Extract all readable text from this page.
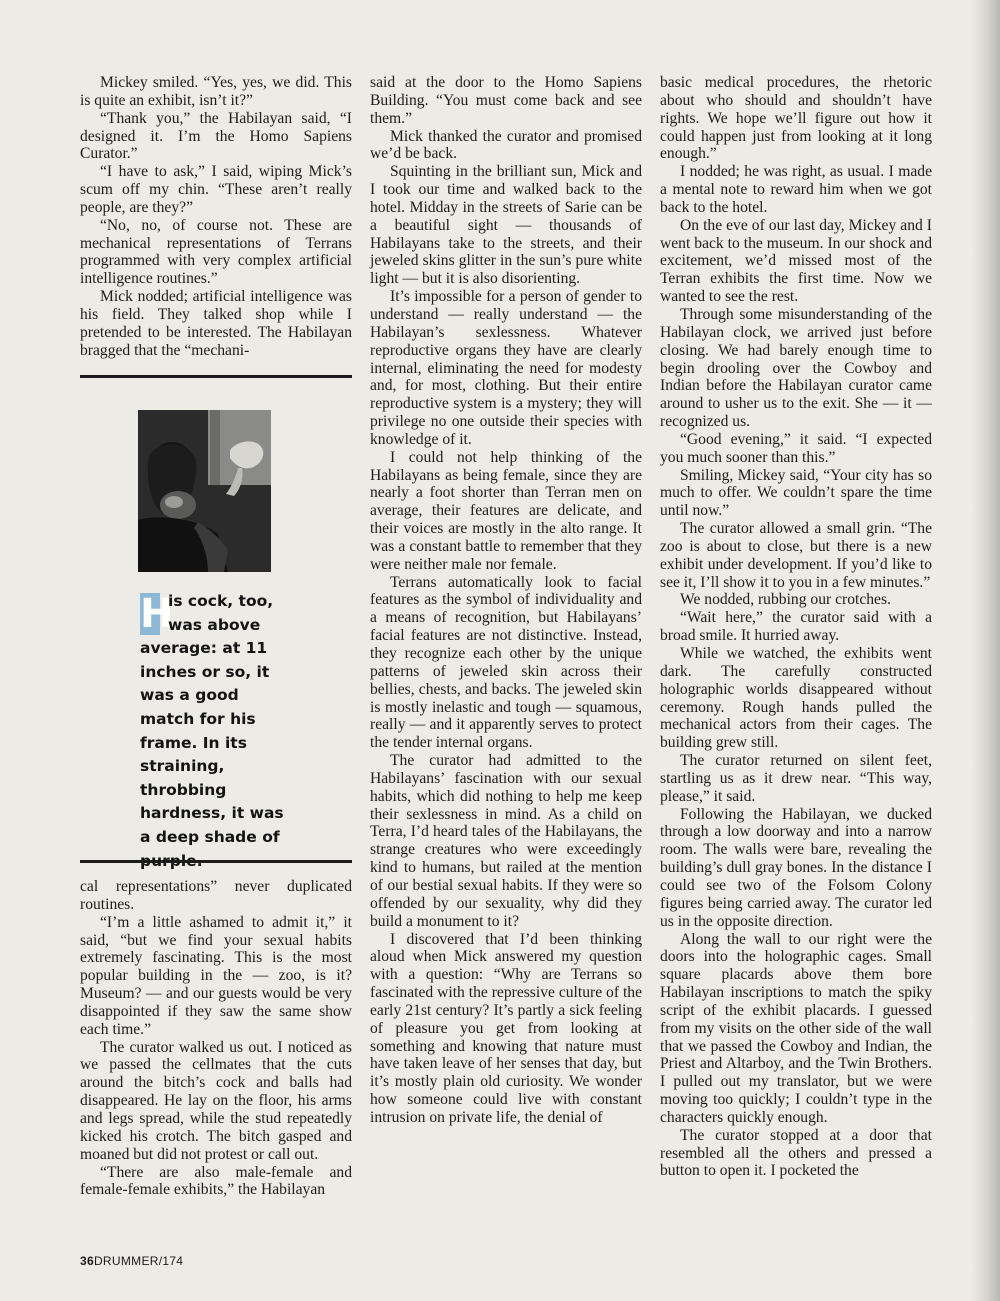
Mickey smiled. “Yes, yes, we did. This is quite an exhibit, isn’t it?”

“Thank you,” the Habilayan said, “I designed it. I’m the Homo Sapiens Curator.”

“I have to ask,” I said, wiping Mick’s scum off my chin. “These aren’t really people, are they?”

“No, no, of course not. These are mechanical representations of Terrans programmed with very complex artificial intelligence routines.”

Mick nodded; artificial intelligence was his field. They talked shop while I pretended to be interested. The Habilayan bragged that the “mechani-

H
is cock, too, was above average: at 11 inches or so, it was a good match for his frame. In its straining, throbbing hardness, it was a deep shade of

cal representations” never duplicated routines.

“I’m a little ashamed to admit it,” it said, “but we find your sexual habits extremely fascinating. This is the most popular building in the — zoo, is it? Museum? — and our guests would be very disappointed if they saw the same show each time.”

The curator walked us out. I noticed as we passed the cellmates that the cuts around the bitch’s cock and balls had disappeared. He lay on the floor, his arms and legs spread, while the stud repeatedly kicked his crotch. The bitch gasped and moaned but did not protest or call out.

“There are also male-female and female-female exhibits,” the Habilayan

said at the door to the Homo Sapiens Building. “You must come back and see them.”

Mick thanked the curator and promised we’d be back.

Squinting in the brilliant sun, Mick and I took our time and walked back to the hotel. Midday in the streets of Sarie can be a beautiful sight — thousands of Habilayans take to the streets, and their jeweled skins glitter in the sun’s pure white light — but it is also disorienting.

It’s impossible for a person of gender to understand — really understand — the Habilayan’s sexlessness. Whatever reproductive organs they have are clearly internal, eliminating the need for modesty and, for most, clothing. But their entire reproductive system is a mystery; they will privilege no one outside their species with knowledge of it.

I could not help thinking of the Habilayans as being female, since they are nearly a foot shorter than Terran men on average, their features are delicate, and their voices are mostly in the alto range. It was a constant battle to remember that they were neither male nor female.

Terrans automatically look to facial features as the symbol of individuality and a means of recognition, but Habilayans’ facial features are not distinctive. Instead, they recognize each other by the unique patterns of jeweled skin across their bellies, chests, and backs. The jeweled skin is mostly inelastic and tough — squamous, really — and it apparently serves to protect the tender internal organs.

The curator had admitted to the Habilayans’ fascination with our sexual habits, which did nothing to help me keep their sexlessness in mind. As a child on Terra, I’d heard tales of the Habilayans, the strange creatures who were exceedingly kind to humans, but railed at the mention of our bestial sexual habits. If they were so offended by our sexuality, why did they build a monument to it?

I discovered that I’d been thinking aloud when Mick answered my question with a question: “Why are Terrans so fascinated with the repressive culture of the early 21st century? It’s partly a sick feeling of pleasure you get from looking at something and knowing that nature must have taken leave of her senses that day, but it’s mostly plain old curiosity. We wonder how someone could live with constant intrusion on private life, the denial of

basic medical procedures, the rhetoric about who should and shouldn’t have rights. We hope we’ll figure out how it could happen just from looking at it long enough.”

I nodded; he was right, as usual. I made a mental note to reward him when we got back to the hotel.

On the eve of our last day, Mickey and I went back to the museum. In our shock and excitement, we’d missed most of the Terran exhibits the first time. Now we wanted to see the rest.

Through some misunderstanding of the Habilayan clock, we arrived just before closing. We had barely enough time to begin drooling over the Cowboy and Indian before the Habilayan curator came around to usher us to the exit. She — it — recognized us.

“Good evening,” it said. “I expected you much sooner than this.”

Smiling, Mickey said, “Your city has so much to offer. We couldn’t spare the time until now.”

The curator allowed a small grin. “The zoo is about to close, but there is a new exhibit under development. If you’d like to see it, I’ll show it to you in a few minutes.”

We nodded, rubbing our crotches.

“Wait here,” the curator said with a broad smile. It hurried away.

While we watched, the exhibits went dark. The carefully constructed holographic worlds disappeared without ceremony. Rough hands pulled the mechanical actors from their cages. The building grew still.

The curator returned on silent feet, startling us as it drew near. “This way, please,” it said.

Following the Habilayan, we ducked through a low doorway and into a narrow room. The walls were bare, revealing the building’s dull gray bones. In the distance I could see two of the Folsom Colony figures being carried away. The curator led us in the opposite direction.

Along the wall to our right were the doors into the holographic cages. Small square placards above them bore Habilayan inscriptions to match the spiky script of the exhibit placards. I guessed from my visits on the other side of the wall that we passed the Cowboy and Indian, the Priest and Altarboy, and the Twin Brothers. I pulled out my translator, but we were moving too quickly; I couldn’t type in the characters quickly enough.

The curator stopped at a door that resembled all the others and pressed a button to open it. I pocketed the

36DRUMMER/174
